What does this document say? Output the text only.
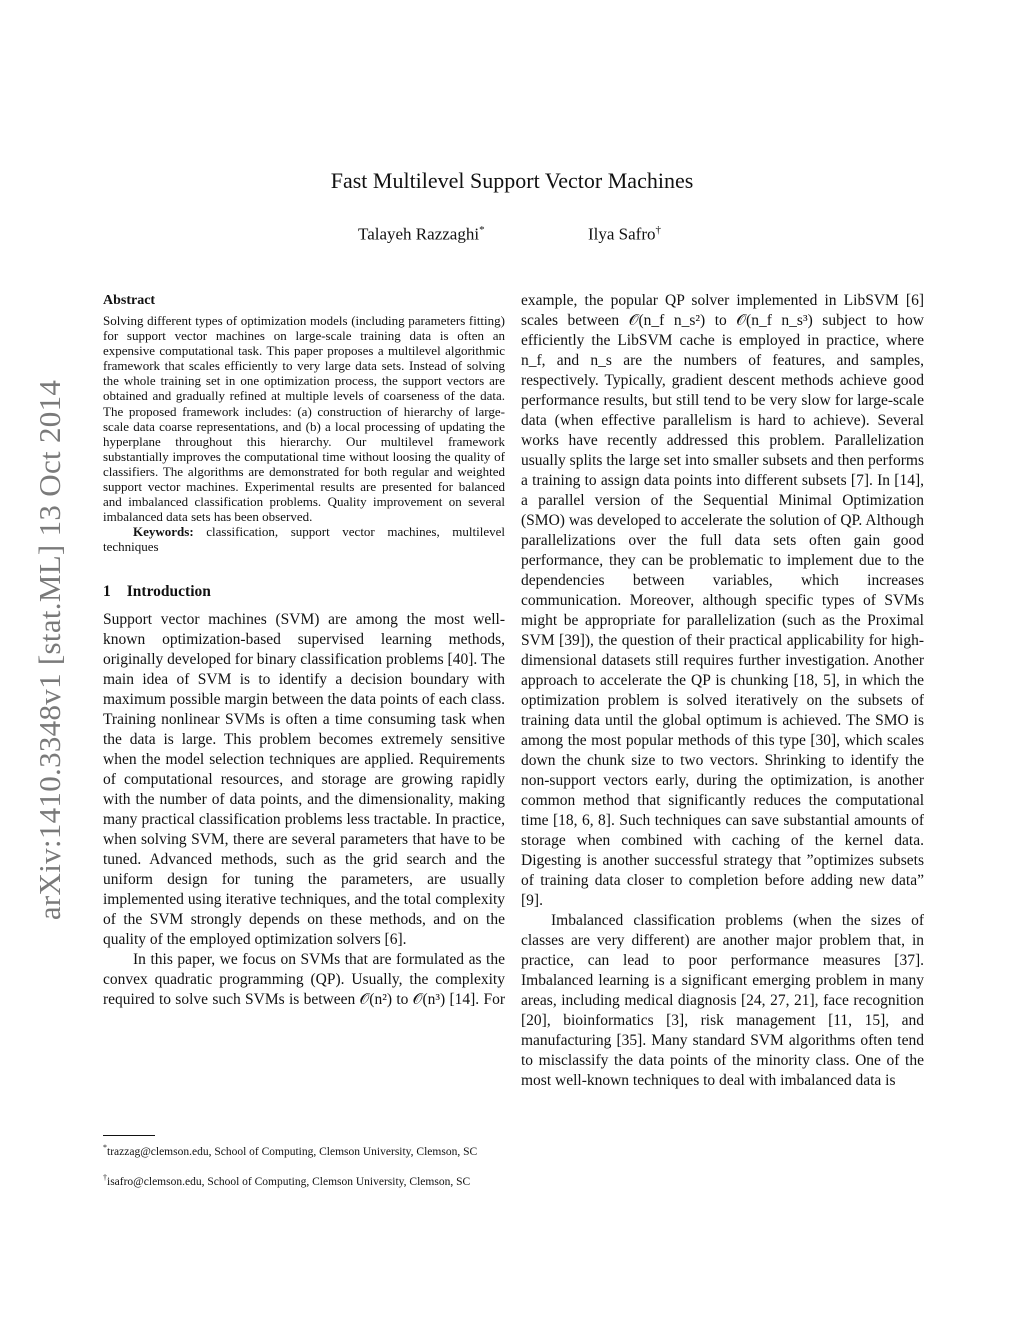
arXiv:1410.3348v1 [stat.ML] 13 Oct 2014
Fast Multilevel Support Vector Machines
Talayeh Razzaghi*	Ilya Safro†
Abstract

Solving different types of optimization models (including parameters fitting) for support vector machines on large-scale training data is often an expensive computational task. This paper proposes a multilevel algorithmic framework that scales efficiently to very large data sets. Instead of solving the whole training set in one optimization process, the support vectors are obtained and gradually refined at multiple levels of coarseness of the data. The proposed framework includes: (a) construction of hierarchy of large-scale data coarse representations, and (b) a local processing of updating the hyperplane throughout this hierarchy. Our multilevel framework substantially improves the computational time without loosing the quality of classifiers. The algorithms are demonstrated for both regular and weighted support vector machines. Experimental results are presented for balanced and imbalanced classification problems. Quality improvement on several imbalanced data sets has been observed.

Keywords: classification, support vector machines, multilevel techniques

1 Introduction

Support vector machines (SVM) are among the most well-known optimization-based supervised learning methods, originally developed for binary classification problems [40]. The main idea of SVM is to identify a decision boundary with maximum possible margin between the data points of each class. Training nonlinear SVMs is often a time consuming task when the data is large. This problem becomes extremely sensitive when the model selection techniques are applied. Requirements of computational resources, and storage are growing rapidly with the number of data points, and the dimensionality, making many practical classification problems less tractable. In practice, when solving SVM, there are several parameters that have to be tuned. Advanced methods, such as the grid search and the uniform design for tuning the parameters, are usually implemented using iterative techniques, and the total complexity of the SVM strongly depends on these methods, and on the quality of the employed optimization solvers [6].

In this paper, we focus on SVMs that are formulated as the convex quadratic programming (QP). Usually, the complexity required to solve such SVMs is between 𝒪(n²) to 𝒪(n³) [14]. For

*trazzag@clemson.edu, School of Computing, Clemson University, Clemson, SC
†isafro@clemson.edu, School of Computing, Clemson University, Clemson, SC

example, the popular QP solver implemented in LibSVM [6] scales between 𝒪(n_f n_s²) to 𝒪(n_f n_s³) subject to how efficiently the LibSVM cache is employed in practice, where n_f, and n_s are the numbers of features, and samples, respectively. Typically, gradient descent methods achieve good performance results, but still tend to be very slow for large-scale data (when effective parallelism is hard to achieve). Several works have recently addressed this problem. Parallelization usually splits the large set into smaller subsets and then performs a training to assign data points into different subsets [7]. In [14], a parallel version of the Sequential Minimal Optimization (SMO) was developed to accelerate the solution of QP. Although parallelizations over the full data sets often gain good performance, they can be problematic to implement due to the dependencies between variables, which increases communication. Moreover, although specific types of SVMs might be appropriate for parallelization (such as the Proximal SVM [39]), the question of their practical applicability for high-dimensional datasets still requires further investigation. Another approach to accelerate the QP is chunking [18, 5], in which the optimization problem is solved iteratively on the subsets of training data until the global optimum is achieved. The SMO is among the most popular methods of this type [30], which scales down the chunk size to two vectors. Shrinking to identify the non-support vectors early, during the optimization, is another common method that significantly reduces the computational time [18, 6, 8]. Such techniques can save substantial amounts of storage when combined with caching of the kernel data. Digesting is another successful strategy that ”optimizes subsets of training data closer to completion before adding new data” [9].

Imbalanced classification problems (when the sizes of classes are very different) are another major problem that, in practice, can lead to poor performance measures [37]. Imbalanced learning is a significant emerging problem in many areas, including medical diagnosis [24, 27, 21], face recognition [20], bioinformatics [3], risk management [11, 15], and manufacturing [35]. Many standard SVM algorithms often tend to misclassify the data points of the minority class. One of the most well-known techniques to deal with imbalanced data is
